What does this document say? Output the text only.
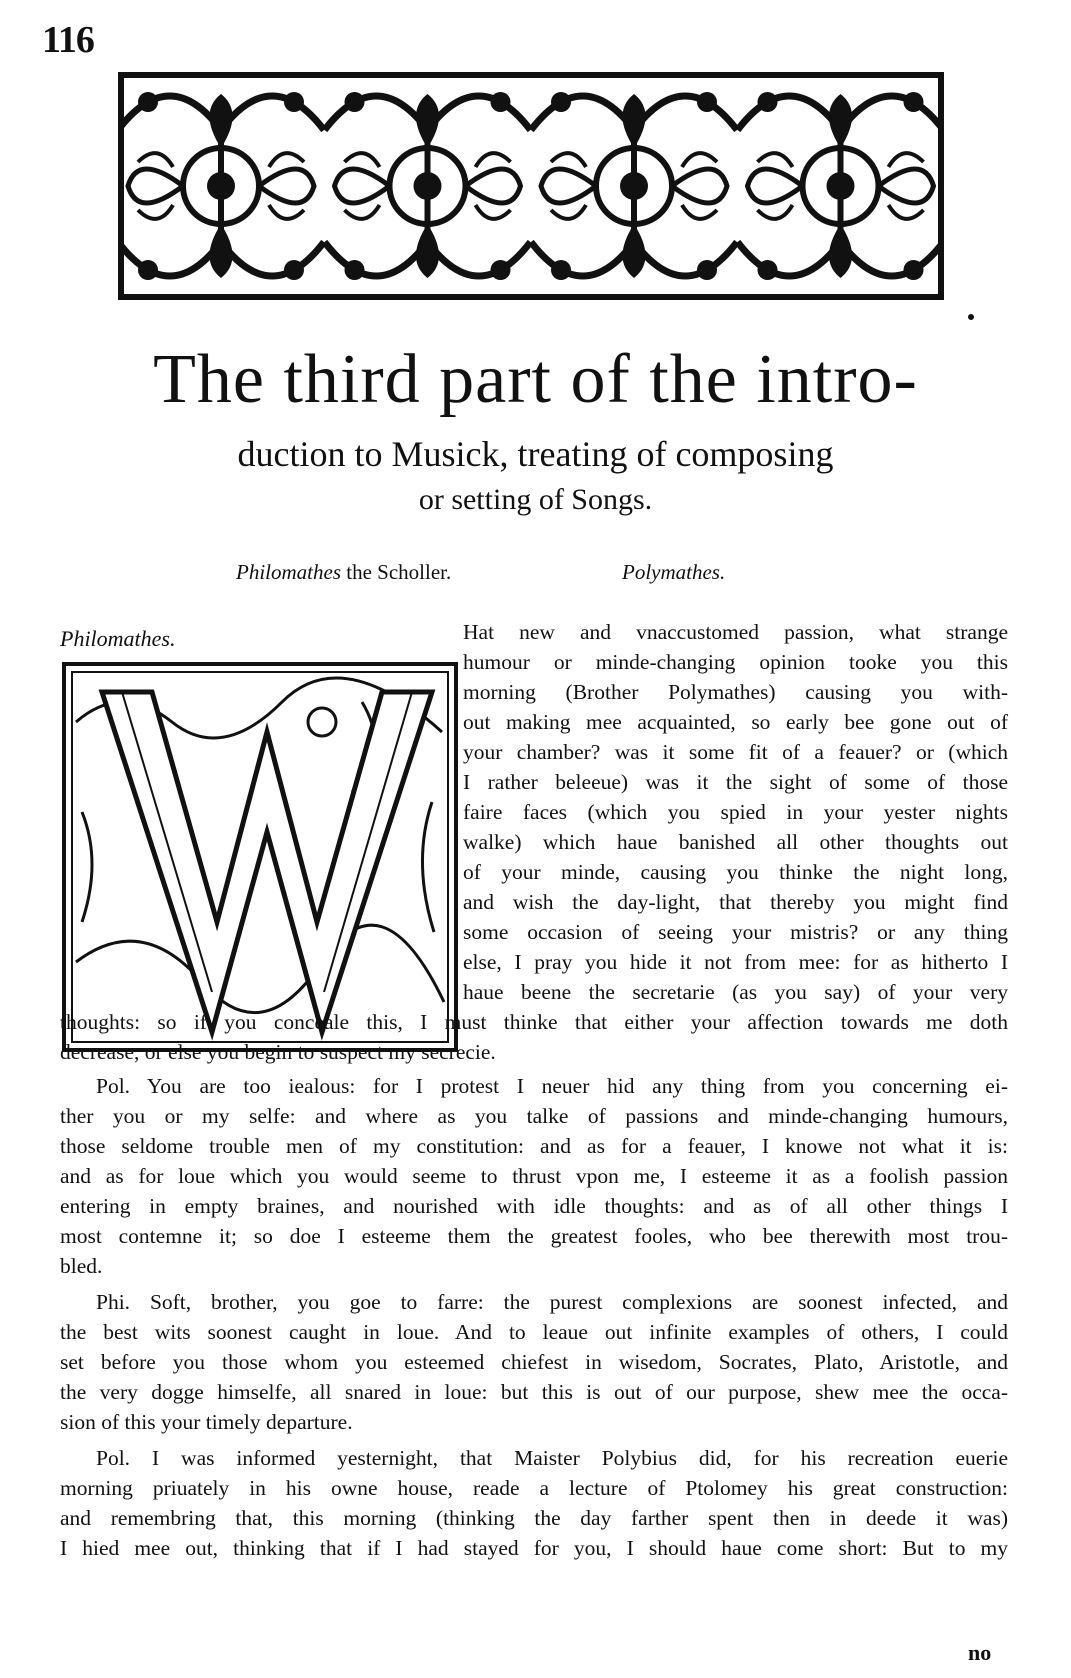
116
The third part of the intro-
duction to Musick, treating of composing
or setting of Songs.
Philomathes the Scholler.	Polymathes.
Philomathes.	Hat new and vnaccustomed passion, what strange
humour or minde-changing opinion tooke you this
morning (Brother Polymathes) causing you with-
out making mee acquainted, so early bee gone out of
your chamber? was it some fit of a feauer? or (which
I rather beleeue) was it the sight of some of those
faire faces (which you spied in your yester nights
walke) which haue banished all other thoughts out
of your minde, causing you thinke the night long,
and wish the day-light, that thereby you might find
some occasion of seeing your mistris? or any thing
else, I pray you hide it not from mee: for as hitherto I
haue beene the secretarie (as you say) of your very
thoughts: so if you conceale this, I must thinke that either your affection towards me doth
decrease, or else you begin to suspect my secrecie.
Pol. You are too iealous: for I protest I neuer hid any thing from you concerning ei-
ther you or my selfe: and where as you talke of passions and minde-changing humours,
those seldome trouble men of my constitution: and as for a feauer, I knowe not what it is:
and as for loue which you would seeme to thrust vpon me, I esteeme it as a foolish passion
entering in empty braines, and nourished with idle thoughts: and as of all other things I
most contemne it; so doe I esteeme them the greatest fooles, who bee therewith most trou-
bled.
Phi. Soft, brother, you goe to farre: the purest complexions are soonest infected, and
the best wits soonest caught in loue. And to leaue out infinite examples of others, I could
set before you those whom you esteemed chiefest in wisedom, Socrates, Plato, Aristotle, and
the very dogge himselfe, all snared in loue: but this is out of our purpose, shew mee the occa-
sion of this your timely departure.
Pol. I was informed yesternight, that Maister Polybius did, for his recreation euerie
morning priuately in his owne house, reade a lecture of Ptolomey his great construction:
and remembring that, this morning (thinking the day farther spent then in deede it was)
I hied mee out, thinking that if I had stayed for you, I should haue come short: But to my
no
